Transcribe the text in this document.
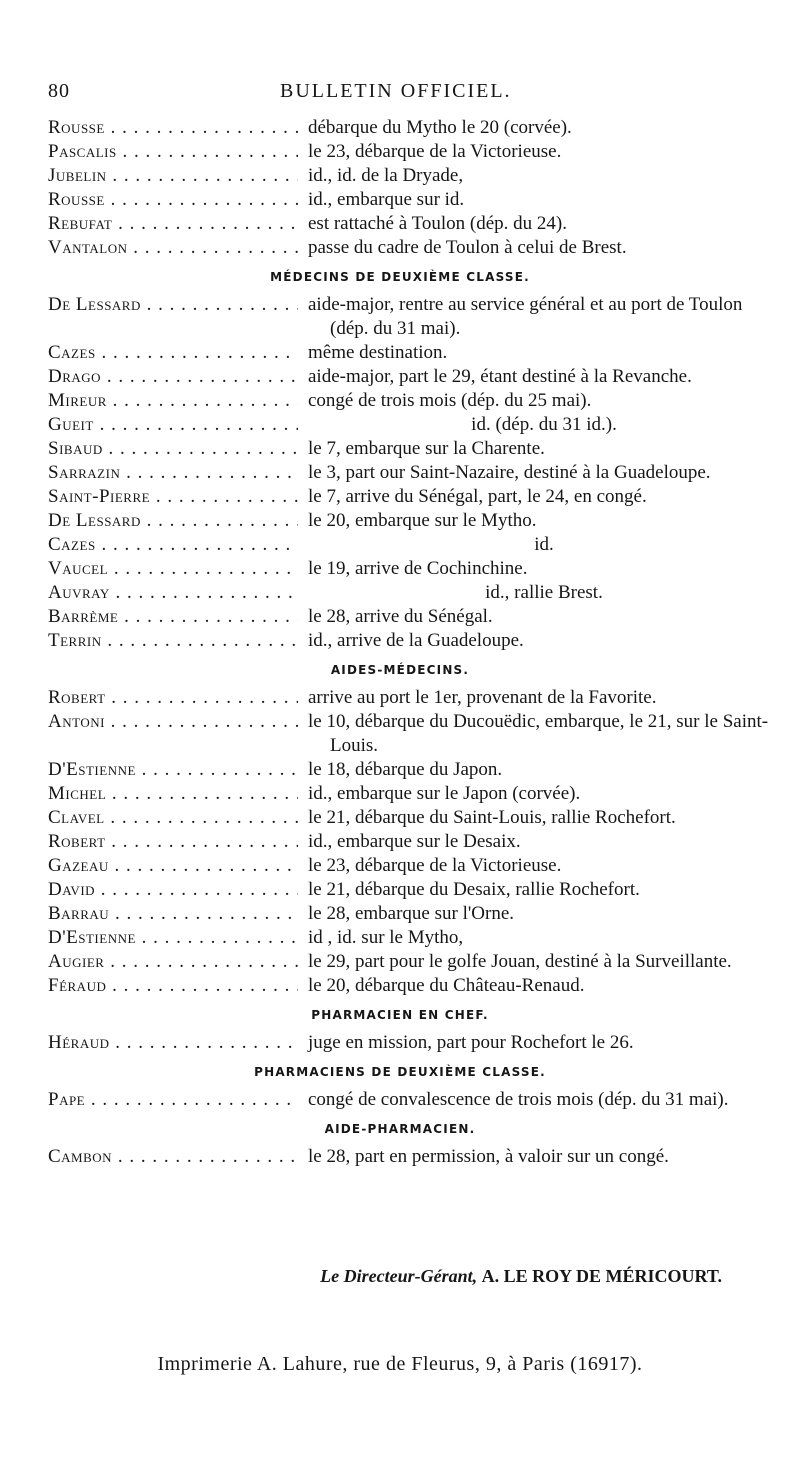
80	BULLETIN OFFICIEL.
Rousse . . .	débarque du Mytho le 20 (corvée).
Pascalis . . .	le 23, débarque de la Victorieuse.
Jubelin . . .	id., id. de la Dryade,
Rousse . . .	id., embarque sur id.
Rebufat . . .	est rattaché à Toulon (dép. du 24).
Vantalon . . .	passe du cadre de Toulon à celui de Brest.
MÉDECINS DE DEUXIÈME CLASSE.
De Lessard . . .	aide-major, rentre au service général et au port de Toulon (dép. du 31 mai).
Cazes . . .	même destination.
Drago . . .	aide-major, part le 29, étant destiné à la Revanche.
Mireur . . .	congé de trois mois (dép. du 25 mai).
Gueit . . .	id. (dép. du 31 id.).
Sibaud . . .	le 7, embarque sur la Charente.
Sarrazin . . .	le 3, part our Saint-Nazaire, destiné à la Guadeloupe.
Saint-Pierre . . .	le 7, arrive du Sénégal, part, le 24, en congé.
De Lessard . . .	le 20, embarque sur le Mytho.
Cazes . . .	id.
Vaucel . . .	le 19, arrive de Cochinchine.
Auvray . . .	id., rallie Brest.
Barrème . . .	le 28, arrive du Sénégal.
Terrin . . .	id., arrive de la Guadeloupe.
AIDES-MÉDECINS.
Robert . . .	arrive au port le 1er, provenant de la Favorite.
Antoni . . .	le 10, débarque du Ducouëdic, embarque, le 21, sur le Saint-Louis.
D'Estienne . . .	le 18, débarque du Japon.
Michel . . .	id., embarque sur le Japon (corvée).
Clavel . . .	le 21, débarque du Saint-Louis, rallie Rochefort.
Robert . . .	id., embarque sur le Desaix.
Gazeau . . .	le 23, débarque de la Victorieuse.
David . . .	le 21, débarque du Desaix, rallie Rochefort.
Barrau . . .	le 28, embarque sur l'Orne.
D'Estienne . . .	id , id. sur le Mytho,
Augier . . .	le 29, part pour le golfe Jouan, destiné à la Surveillante.
Féraud . . .	le 20, débarque du Château-Renaud.
PHARMACIEN EN CHEF.
Héraud . . .	juge en mission, part pour Rochefort le 26.
PHARMACIENS DE DEUXIÈME CLASSE.
Pape . . .	congé de convalescence de trois mois (dép. du 31 mai).
AIDE-PHARMACIEN.
Cambon . . .	le 28, part en permission, à valoir sur un congé.
Le Directeur-Gérant, A. LE ROY DE MÉRICOURT.
Imprimerie A. Lahure, rue de Fleurus, 9, à Paris (16917).
